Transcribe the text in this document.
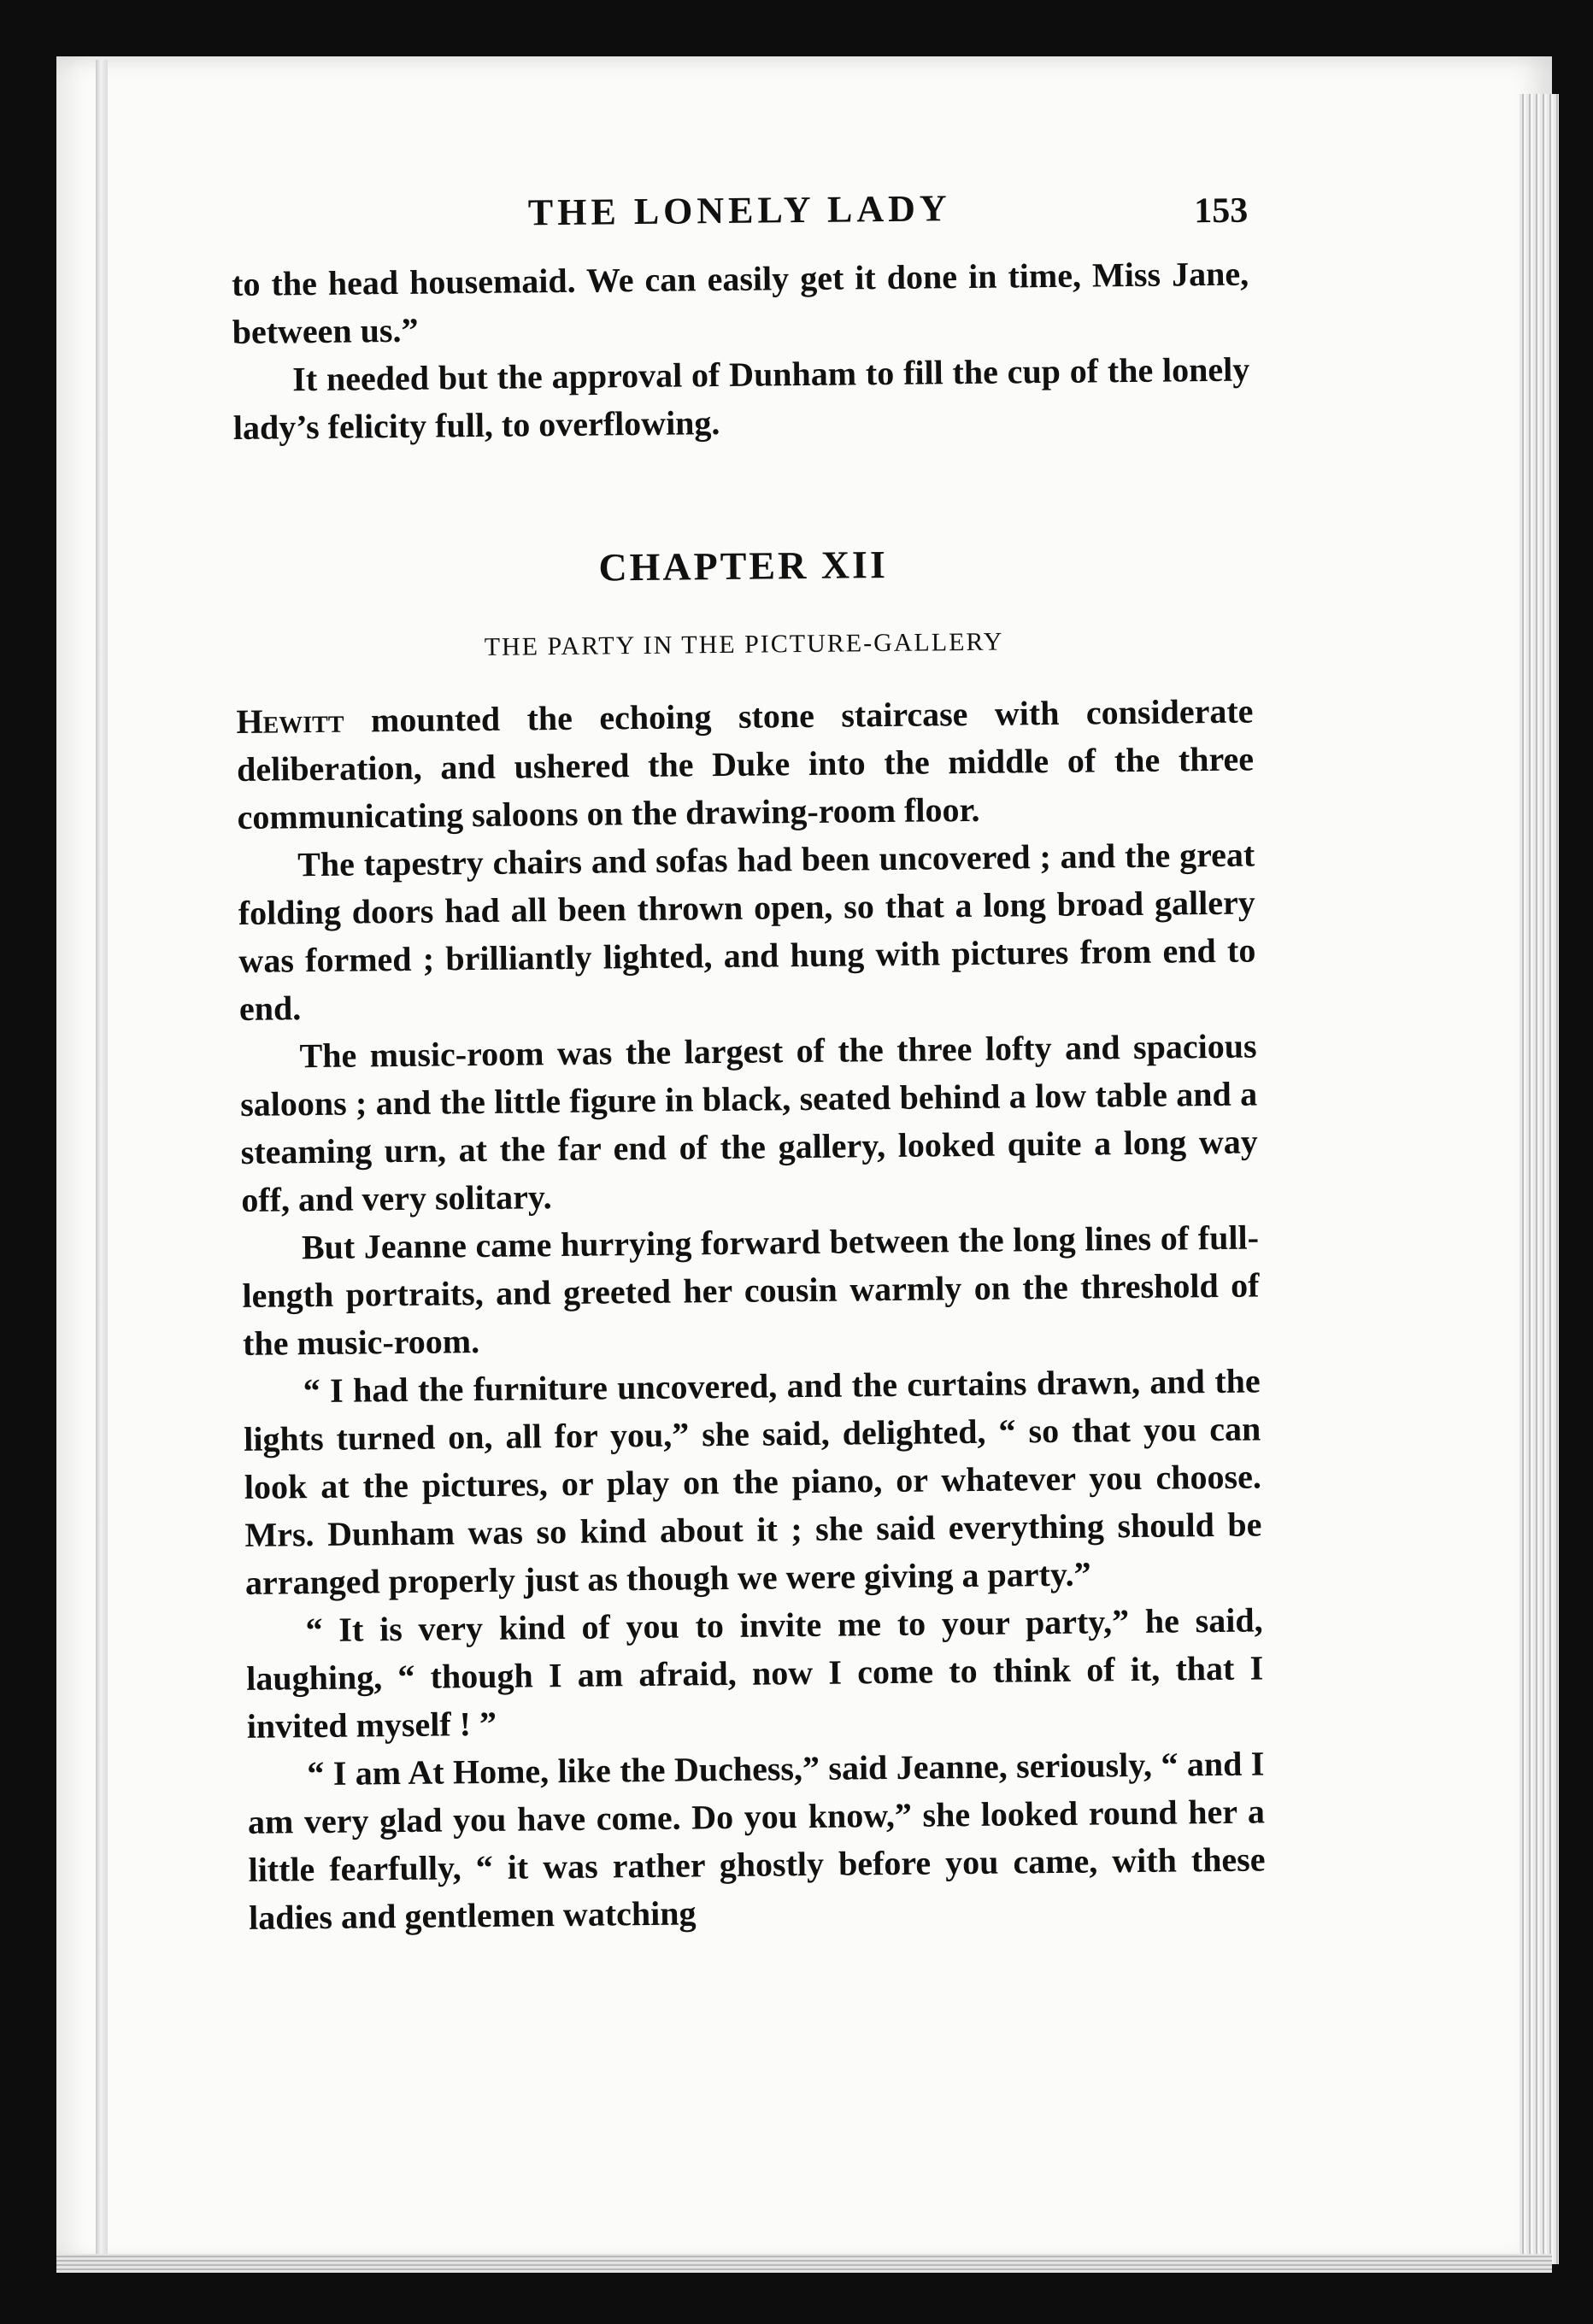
THE LONELY LADY	153

to the head housemaid. We can easily get it done in time, Miss Jane, between us.”

It needed but the approval of Dunham to fill the cup of the lonely lady’s felicity full, to overflowing.

CHAPTER XII
THE PARTY IN THE PICTURE-GALLERY

Hewitt mounted the echoing stone staircase with considerate deliberation, and ushered the Duke into the middle of the three communicating saloons on the drawing-room floor.

The tapestry chairs and sofas had been uncovered ; and the great folding doors had all been thrown open, so that a long broad gallery was formed ; brilliantly lighted, and hung with pictures from end to end.

The music-room was the largest of the three lofty and spacious saloons ; and the little figure in black, seated behind a low table and a steaming urn, at the far end of the gallery, looked quite a long way off, and very solitary.

But Jeanne came hurrying forward between the long lines of full-length portraits, and greeted her cousin warmly on the threshold of the music-room.

“ I had the furniture uncovered, and the curtains drawn, and the lights turned on, all for you,” she said, delighted, “ so that you can look at the pictures, or play on the piano, or whatever you choose. Mrs. Dunham was so kind about it ; she said everything should be arranged properly just as though we were giving a party.”

“ It is very kind of you to invite me to your party,” he said, laughing, “ though I am afraid, now I come to think of it, that I invited myself ! ”

“ I am At Home, like the Duchess,” said Jeanne, seriously, “ and I am very glad you have come. Do you know,” she looked round her a little fearfully, “ it was rather ghostly before you came, with these ladies and gentlemen watching
